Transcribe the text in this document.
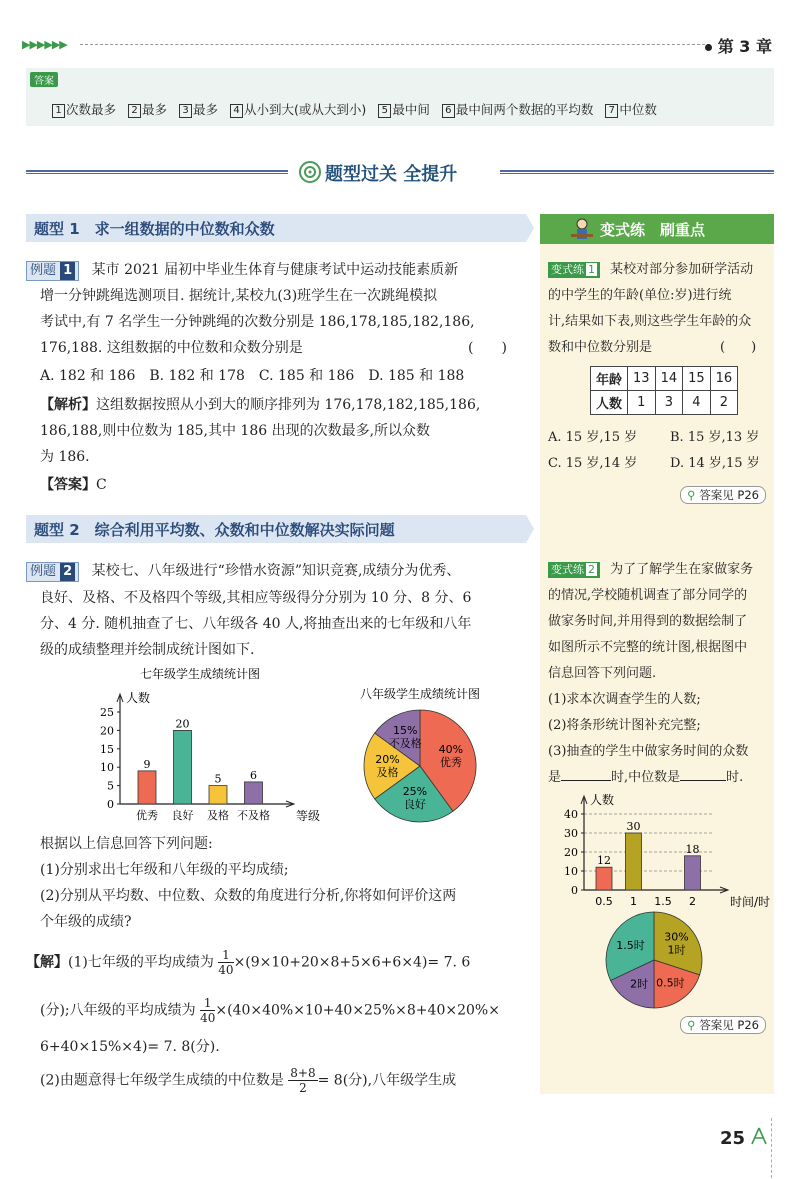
▶▶▶▶▶▶	第 3 章
答案
1 次数最多 2 最多 3 最多 4 从小到大(或从大到小) 5 最中间 6 最中间两个数据的平均数 7 中位数
题型过关 全提升
题型 1　求一组数据的中位数和众数
例题 1 某市 2021 届初中毕业生体育与健康考试中运动技能素质新
增一分钟跳绳选测项目. 据统计,某校九(3)班学生在一次跳绳模拟
考试中,有 7 名学生一分钟跳绳的次数分别是 186,178,185,182,186,
176,188. 这组数据的中位数和众数分别是	(　　)
A. 182 和 186　B. 182 和 178　C. 185 和 186　D. 185 和 188
【解析】这组数据按照从小到大的顺序排列为 176,178,182,185,186,
186,188,则中位数为 185,其中 186 出现的次数最多,所以众数
为 186.
【答案】C
题型 2　综合利用平均数、众数和中位数解决实际问题
例题 2 某校七、八年级进行“珍惜水资源”知识竞赛,成绩分为优秀、
良好、及格、不及格四个等级,其相应等级得分分别为 10 分、8 分、6
分、4 分. 随机抽查了七、八年级各 40 人,将抽查出来的七年级和八年
级的成绩整理并绘制成统计图如下.
七年级学生成绩统计图
0
5
10
15
20
25
人数
优秀
9
良好
20
及格
5
不及格
6
等级
八年级学生成绩统计图
40%
优秀
25%
良好
20%
及格
15%
不及格
根据以上信息回答下列问题:
(1)分别求出七年级和八年级的平均成绩;
(2)分别从平均数、中位数、众数的角度进行分析,你将如何评价这两
个年级的成绩?
【解】(1)七年级的平均成绩为 $\frac{1}{40} \times(9\times 10+20\times 8+5\times 6+6\times 4)= 7$. 6
(分);八年级的平均成绩为 $\frac{1}{40} \times(40\times 40\%\times 10+40\times 25\%\times 8+40\times 20\%\times$
6+40×15%×4)= 7. 8(分).
(2)由题意得七年级学生成绩的中位数是 $\frac{8+8}{2} = 8$(分),八年级学生成
变式练　刷重点
变式练 1 某校对部分参加研学活动
的中学生的年龄(单位:岁)进行统
计,结果如下表,则这些学生年龄的众
数和中位数分别是	(　　)
年龄	13	14	15	16
人数	1	3	4	2
A. 15 岁,15 岁	B. 15 岁,13 岁
C. 15 岁,14 岁	D. 14 岁,15 岁
⚲ 答案见 P26
变式练 2 为了了解学生在家做家务
的情况,学校随机调查了部分同学的
做家务时间,并用得到的数据绘制了
如图所示不完整的统计图,根据图中
信息回答下列问题.
(1)求本次调查学生的人数;
(2)将条形统计图补充完整;
(3)抽查的学生中做家务时间的众数
是	时,中位数是	时.
0
10
20
30
40
人数
0.5
12
1
30
1.5 2
18
时间/时
30%
1时
0.5时
2时
1.5时
⚲ 答案见 P26
25
